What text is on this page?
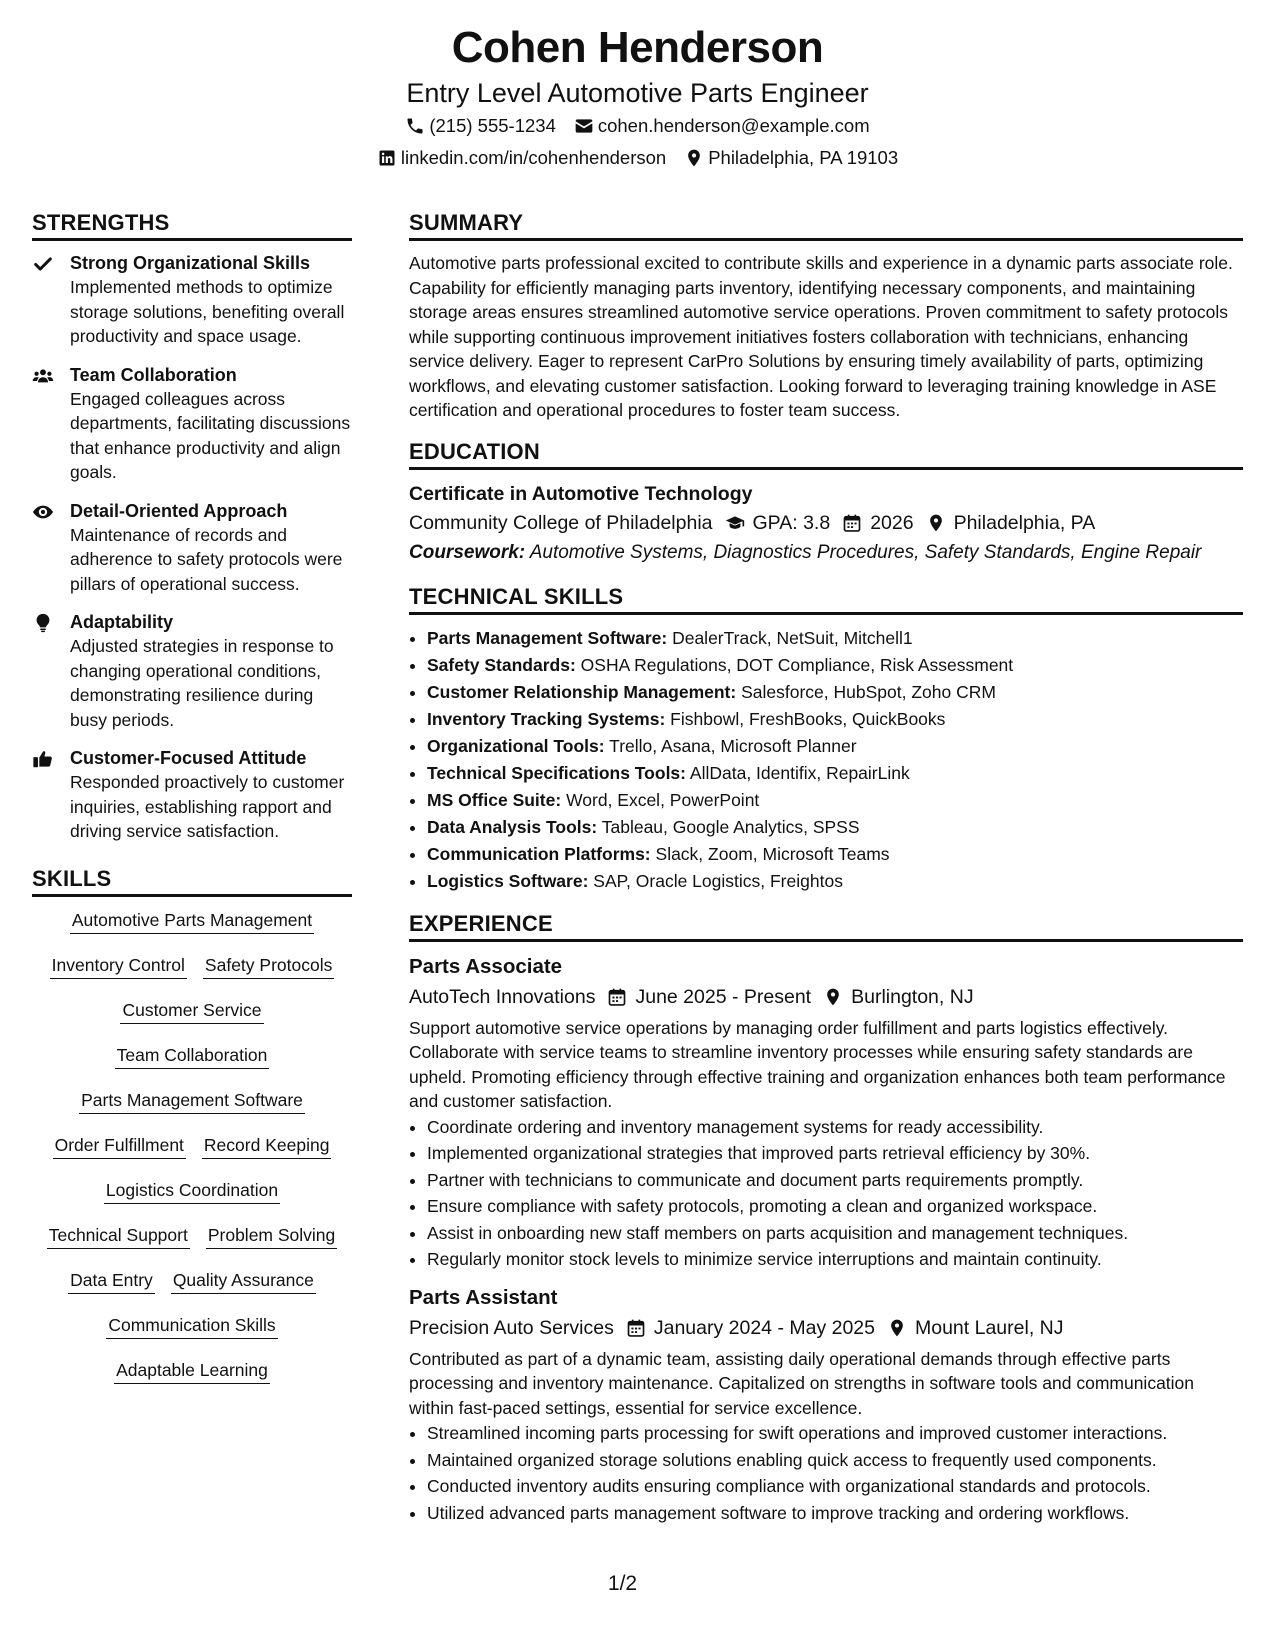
Cohen Henderson
Entry Level Automotive Parts Engineer
(215) 555-1234 cohen.henderson@example.com
linkedin.com/in/cohenhenderson Philadelphia, PA 19103
STRENGTHS
Strong Organizational Skills
Implemented methods to optimize storage solutions, benefiting overall productivity and space usage.
Team Collaboration
Engaged colleagues across departments, facilitating discussions that enhance productivity and align goals.
Detail-Oriented Approach
Maintenance of records and adherence to safety protocols were pillars of operational success.
Adaptability
Adjusted strategies in response to changing operational conditions, demonstrating resilience during busy periods.
Customer-Focused Attitude
Responded proactively to customer inquiries, establishing rapport and driving service satisfaction.
SKILLS
Automotive Parts Management
Inventory Control Safety Protocols
Customer Service
Team Collaboration
Parts Management Software
Order Fulfillment Record Keeping
Logistics Coordination
Technical Support Problem Solving
Data Entry Quality Assurance
Communication Skills
Adaptable Learning
SUMMARY
Automotive parts professional excited to contribute skills and experience in a dynamic parts associate role. Capability for efficiently managing parts inventory, identifying necessary components, and maintaining storage areas ensures streamlined automotive service operations. Proven commitment to safety protocols while supporting continuous improvement initiatives fosters collaboration with technicians, enhancing service delivery. Eager to represent CarPro Solutions by ensuring timely availability of parts, optimizing workflows, and elevating customer satisfaction. Looking forward to leveraging training knowledge in ASE certification and operational procedures to foster team success.
EDUCATION
Certificate in Automotive Technology
Community College of Philadelphia GPA: 3.8 2026 Philadelphia, PA
Coursework: Automotive Systems, Diagnostics Procedures, Safety Standards, Engine Repair
TECHNICAL SKILLS
• Parts Management Software: DealerTrack, NetSuit, Mitchell1
• Safety Standards: OSHA Regulations, DOT Compliance, Risk Assessment
• Customer Relationship Management: Salesforce, HubSpot, Zoho CRM
• Inventory Tracking Systems: Fishbowl, FreshBooks, QuickBooks
• Organizational Tools: Trello, Asana, Microsoft Planner
• Technical Specifications Tools: AllData, Identifix, RepairLink
• MS Office Suite: Word, Excel, PowerPoint
• Data Analysis Tools: Tableau, Google Analytics, SPSS
• Communication Platforms: Slack, Zoom, Microsoft Teams
• Logistics Software: SAP, Oracle Logistics, Freightos
EXPERIENCE
Parts Associate
AutoTech Innovations June 2025 - Present Burlington, NJ
Support automotive service operations by managing order fulfillment and parts logistics effectively. Collaborate with service teams to streamline inventory processes while ensuring safety standards are upheld. Promoting efficiency through effective training and organization enhances both team performance and customer satisfaction.
• Coordinate ordering and inventory management systems for ready accessibility.
• Implemented organizational strategies that improved parts retrieval efficiency by 30%.
• Partner with technicians to communicate and document parts requirements promptly.
• Ensure compliance with safety protocols, promoting a clean and organized workspace.
• Assist in onboarding new staff members on parts acquisition and management techniques.
• Regularly monitor stock levels to minimize service interruptions and maintain continuity.
Parts Assistant
Precision Auto Services January 2024 - May 2025 Mount Laurel, NJ
Contributed as part of a dynamic team, assisting daily operational demands through effective parts processing and inventory maintenance. Capitalized on strengths in software tools and communication within fast-paced settings, essential for service excellence.
• Streamlined incoming parts processing for swift operations and improved customer interactions.
• Maintained organized storage solutions enabling quick access to frequently used components.
• Conducted inventory audits ensuring compliance with organizational standards and protocols.
• Utilized advanced parts management software to improve tracking and ordering workflows.
1/2
